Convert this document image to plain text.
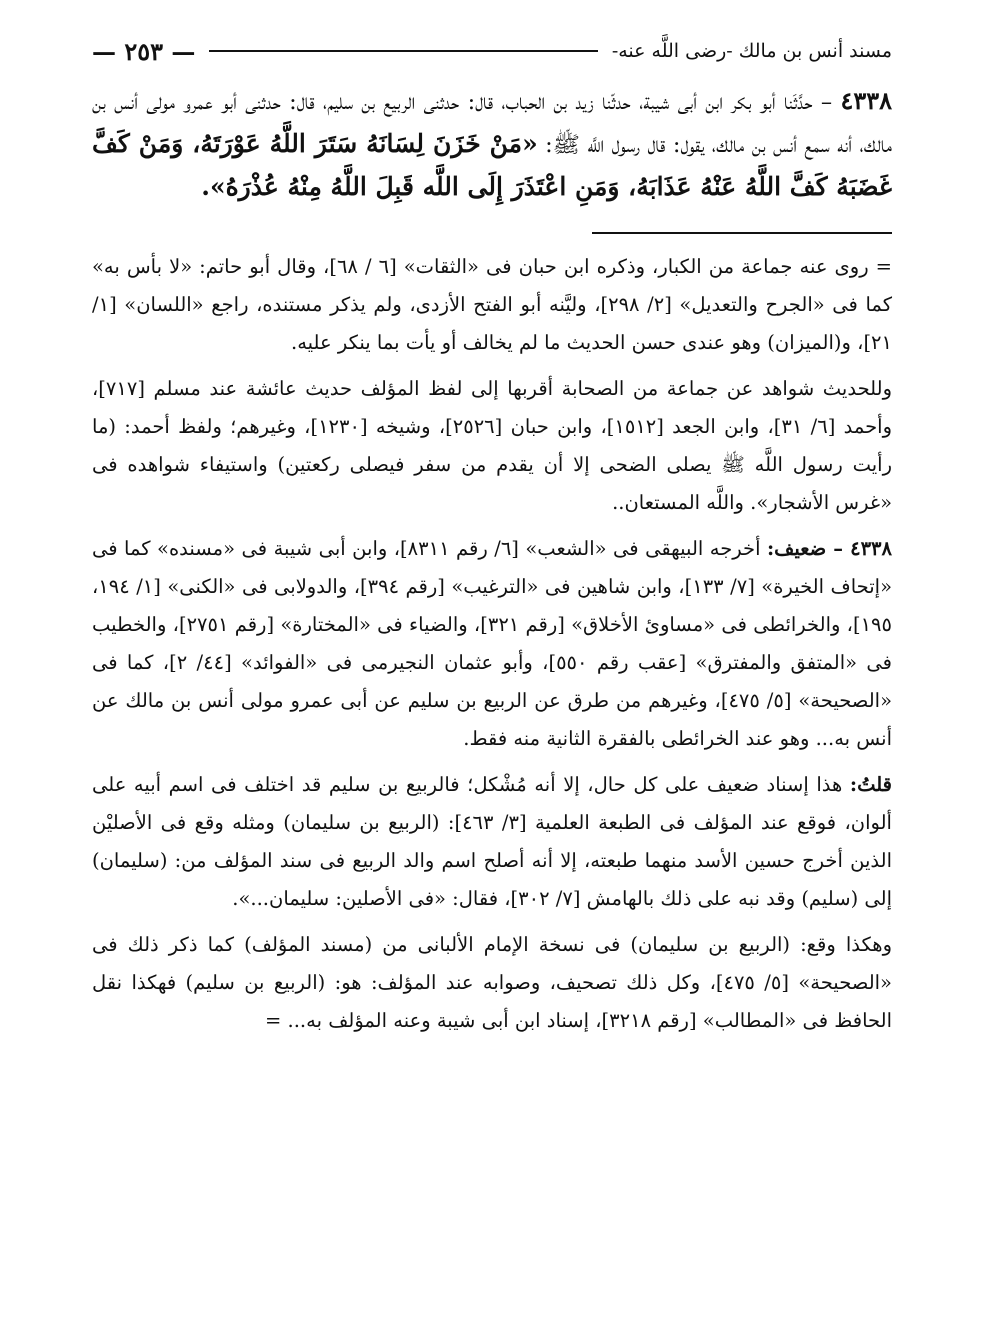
مسند أنس بن مالك -رضى اللَّه عنه-
— ٢٥٣ —

٤٣٣٨ – حدَّثَنا أبو بكر ابن أبى شيبة، حدثّنا زيد بن الحباب، قال: حدثنى الربيع بن سليم، قال: حدثنى أبو عمرو مولى أنس بن مالك، أنه سمع أنس بن مالك، يقول: قال رسول اللَّه ﷺ: «مَنْ خَزَنَ لِسَانَهُ سَتَرَ اللَّهُ عَوْرَتَهُ، وَمَنْ كَفَّ غَضَبَهُ كَفَّ اللَّهُ عَنْهُ عَذَابَهُ، وَمَنِ اعْتَذَرَ إِلَى اللَّه قَبِلَ اللَّهُ مِنْهُ عُذْرَهُ».

= روى عنه جماعة من الكبار، وذكره ابن حبان فى «الثقات» [٦ / ٦٨]، وقال أبو حاتم: «لا بأس به» كما فى «الجرح والتعديل» [٢/ ٢٩٨]، وليَّنه أبو الفتح الأزدى، ولم يذكر مستنده، راجع «اللسان» [١/ ٢١]، و(الميزان) وهو عندى حسن الحديث ما لم يخالف أو يأت بما ينكر عليه.

وللحديث شواهد عن جماعة من الصحابة أقربها إلى لفظ المؤلف حديث عائشة عند مسلم [٧١٧]، وأحمد [٦/ ٣١]، وابن الجعد [١٥١٢]، وابن حبان [٢٥٢٦]، وشيخه [١٢٣٠]، وغيرهم؛ ولفظ أحمد: (ما رأيت رسول اللَّه ﷺ يصلى الضحى إلا أن يقدم من سفر فيصلى ركعتين) واستيفاء شواهده فى «غرس الأشجار». واللَّه المستعان..

٤٣٣٨ – ضعيف: أخرجه البيهقى فى «الشعب» [٦/ رقم ٨٣١١]، وابن أبى شيبة فى «مسنده» كما فى «إتحاف الخيرة» [٧/ ١٣٣]، وابن شاهين فى «الترغيب» [رقم ٣٩٤]، والدولابى فى «الكنى» [١/ ١٩٤، ١٩٥]، والخرائطى فى «مساوئ الأخلاق» [رقم ٣٢١]، والضياء فى «المختارة» [رقم ٢٧٥١]، والخطيب فى «المتفق والمفترق» [عقب رقم ٥٥٠]، وأبو عثمان النجيرمى فى «الفوائد» [٤٤/ ٢]، كما فى «الصحيحة» [٥/ ٤٧٥]، وغيرهم من طرق عن الربيع بن سليم عن أبى عمرو مولى أنس بن مالك عن أنس به... وهو عند الخرائطى بالفقرة الثانية منه فقط.

قلتُ: هذا إسناد ضعيف على كل حال، إلا أنه مُشْكل؛ فالربيع بن سليم قد اختلف فى اسم أبيه على ألوان، فوقع عند المؤلف فى الطبعة العلمية [٣/ ٤٦٣]: (الربيع بن سليمان) ومثله وقع فى الأصليْن الذين أخرج حسين الأسد منهما طبعته، إلا أنه أصلح اسم والد الربيع فى سند المؤلف من: (سليمان) إلى (سليم) وقد نبه على ذلك بالهامش [٧/ ٣٠٢]، فقال: «فى الأصلين: سليمان...».

وهكذا وقع: (الربيع بن سليمان) فى نسخة الإمام الألبانى من (مسند المؤلف) كما ذكر ذلك فى «الصحيحة» [٥/ ٤٧٥]، وكل ذلك تصحيف، وصوابه عند المؤلف: هو: (الربيع بن سليم) فهكذا نقل الحافظ فى «المطالب» [رقم ٣٢١٨]، إسناد ابن أبى شيبة وعنه المؤلف به... =
